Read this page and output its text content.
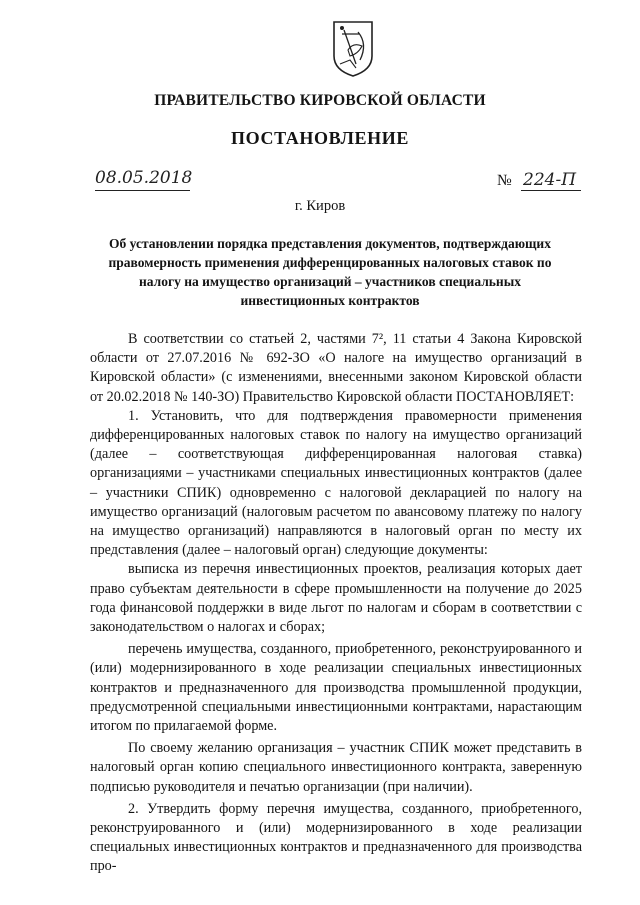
ПРАВИТЕЛЬСТВО КИРОВСКОЙ ОБЛАСТИ
ПОСТАНОВЛЕНИЕ
08.05.2018	№ 224-П
г. Киров
Об установлении порядка представления документов, подтверждающих правомерность применения дифференцированных налоговых ставок по налогу на имущество организаций – участников специальных инвестиционных контрактов

В соответствии со статьей 2, частями 7², 11 статьи 4 Закона Кировской области от 27.07.2016 № 692-ЗО «О налоге на имущество организаций в Кировской области» (с изменениями, внесенными законом Кировской области от 20.02.2018 № 140-ЗО) Правительство Кировской области ПОСТАНОВЛЯЕТ:

1. Установить, что для подтверждения правомерности применения дифференцированных налоговых ставок по налогу на имущество организаций (далее – соответствующая дифференцированная налоговая ставка) организациями – участниками специальных инвестиционных контрактов (далее – участники СПИК) одновременно с налоговой декларацией по налогу на имущество организаций (налоговым расчетом по авансовому платежу по налогу на имущество организаций) направляются в налоговый орган по месту их представления (далее – налоговый орган) следующие документы:

выписка из перечня инвестиционных проектов, реализация которых дает право субъектам деятельности в сфере промышленности на получение до 2025 года финансовой поддержки в виде льгот по налогам и сборам в соответствии с законодательством о налогах и сборах;

перечень имущества, созданного, приобретенного, реконструированного и (или) модернизированного в ходе реализации специальных инвестиционных контрактов и предназначенного для производства промышленной продукции, предусмотренной специальными инвестиционными контрактами, нарастающим итогом по прилагаемой форме.

По своему желанию организация – участник СПИК может представить в налоговый орган копию специального инвестиционного контракта, заверенную подписью руководителя и печатью организации (при наличии).

2. Утвердить форму перечня имущества, созданного, приобретенного, реконструированного и (или) модернизированного в ходе реализации специальных инвестиционных контрактов и предназначенного для производства про-
